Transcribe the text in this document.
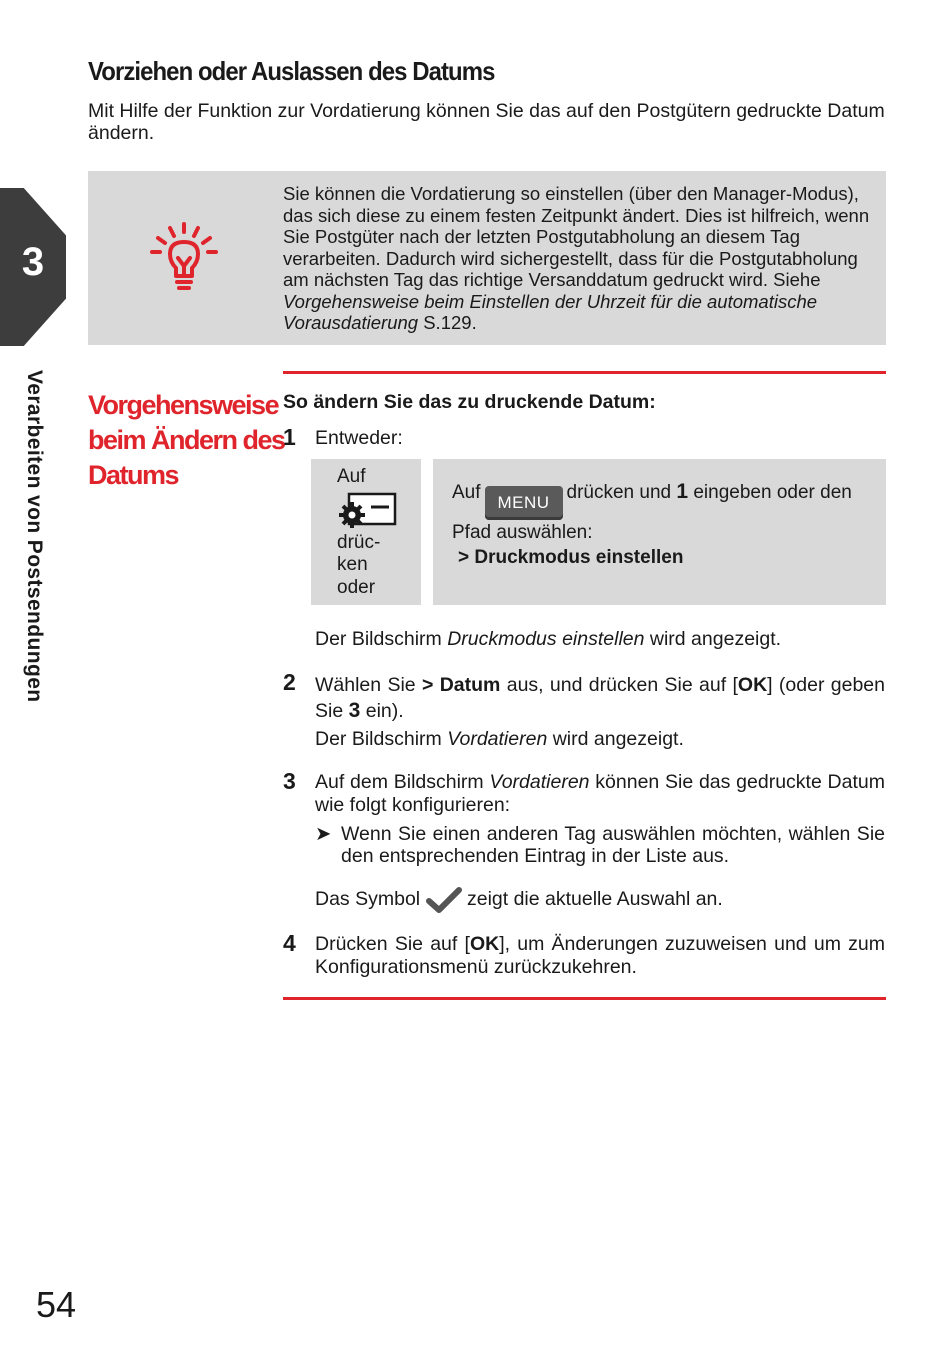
Vorziehen oder Auslassen des Datums
Mit Hilfe der Funktion zur Vordatierung können Sie das auf den Postgütern gedruckte Datum ändern.
3
Verarbeiten von Postsendungen
Sie können die Vordatierung so einstellen (über den Manager-Modus), das sich diese zu einem festen Zeitpunkt ändert. Dies ist hilfreich, wenn Sie Postgüter nach der letzten Postgutabholung an diesem Tag verarbeiten. Dadurch wird sichergestellt, dass für die Postgutabholung am nächsten Tag das richtige Versanddatum gedruckt wird. Siehe Vorgehensweise beim Einstellen der Uhrzeit für die automatische Vorausdatierung S.129.
Vorgehensweise
beim Ändern des
Datums
So ändern Sie das zu druckende Datum:
1 Entweder:
Auf
drüc-
ken
oder
Auf MENU drücken und 1 eingeben oder den Pfad auswählen:
> Druckmodus einstellen
Der Bildschirm Druckmodus einstellen wird angezeigt.
2 Wählen Sie > Datum aus, und drücken Sie auf [OK] (oder geben Sie 3 ein).
Der Bildschirm Vordatieren wird angezeigt.
3 Auf dem Bildschirm Vordatieren können Sie das gedruckte Datum wie folgt konfigurieren:
➤ Wenn Sie einen anderen Tag auswählen möchten, wählen Sie den entsprechenden Eintrag in der Liste aus.
Das Symbol zeigt die aktuelle Auswahl an.
4 Drücken Sie auf [OK], um Änderungen zuzuweisen und um zum Konfigurationsmenü zurückzukehren.
54
